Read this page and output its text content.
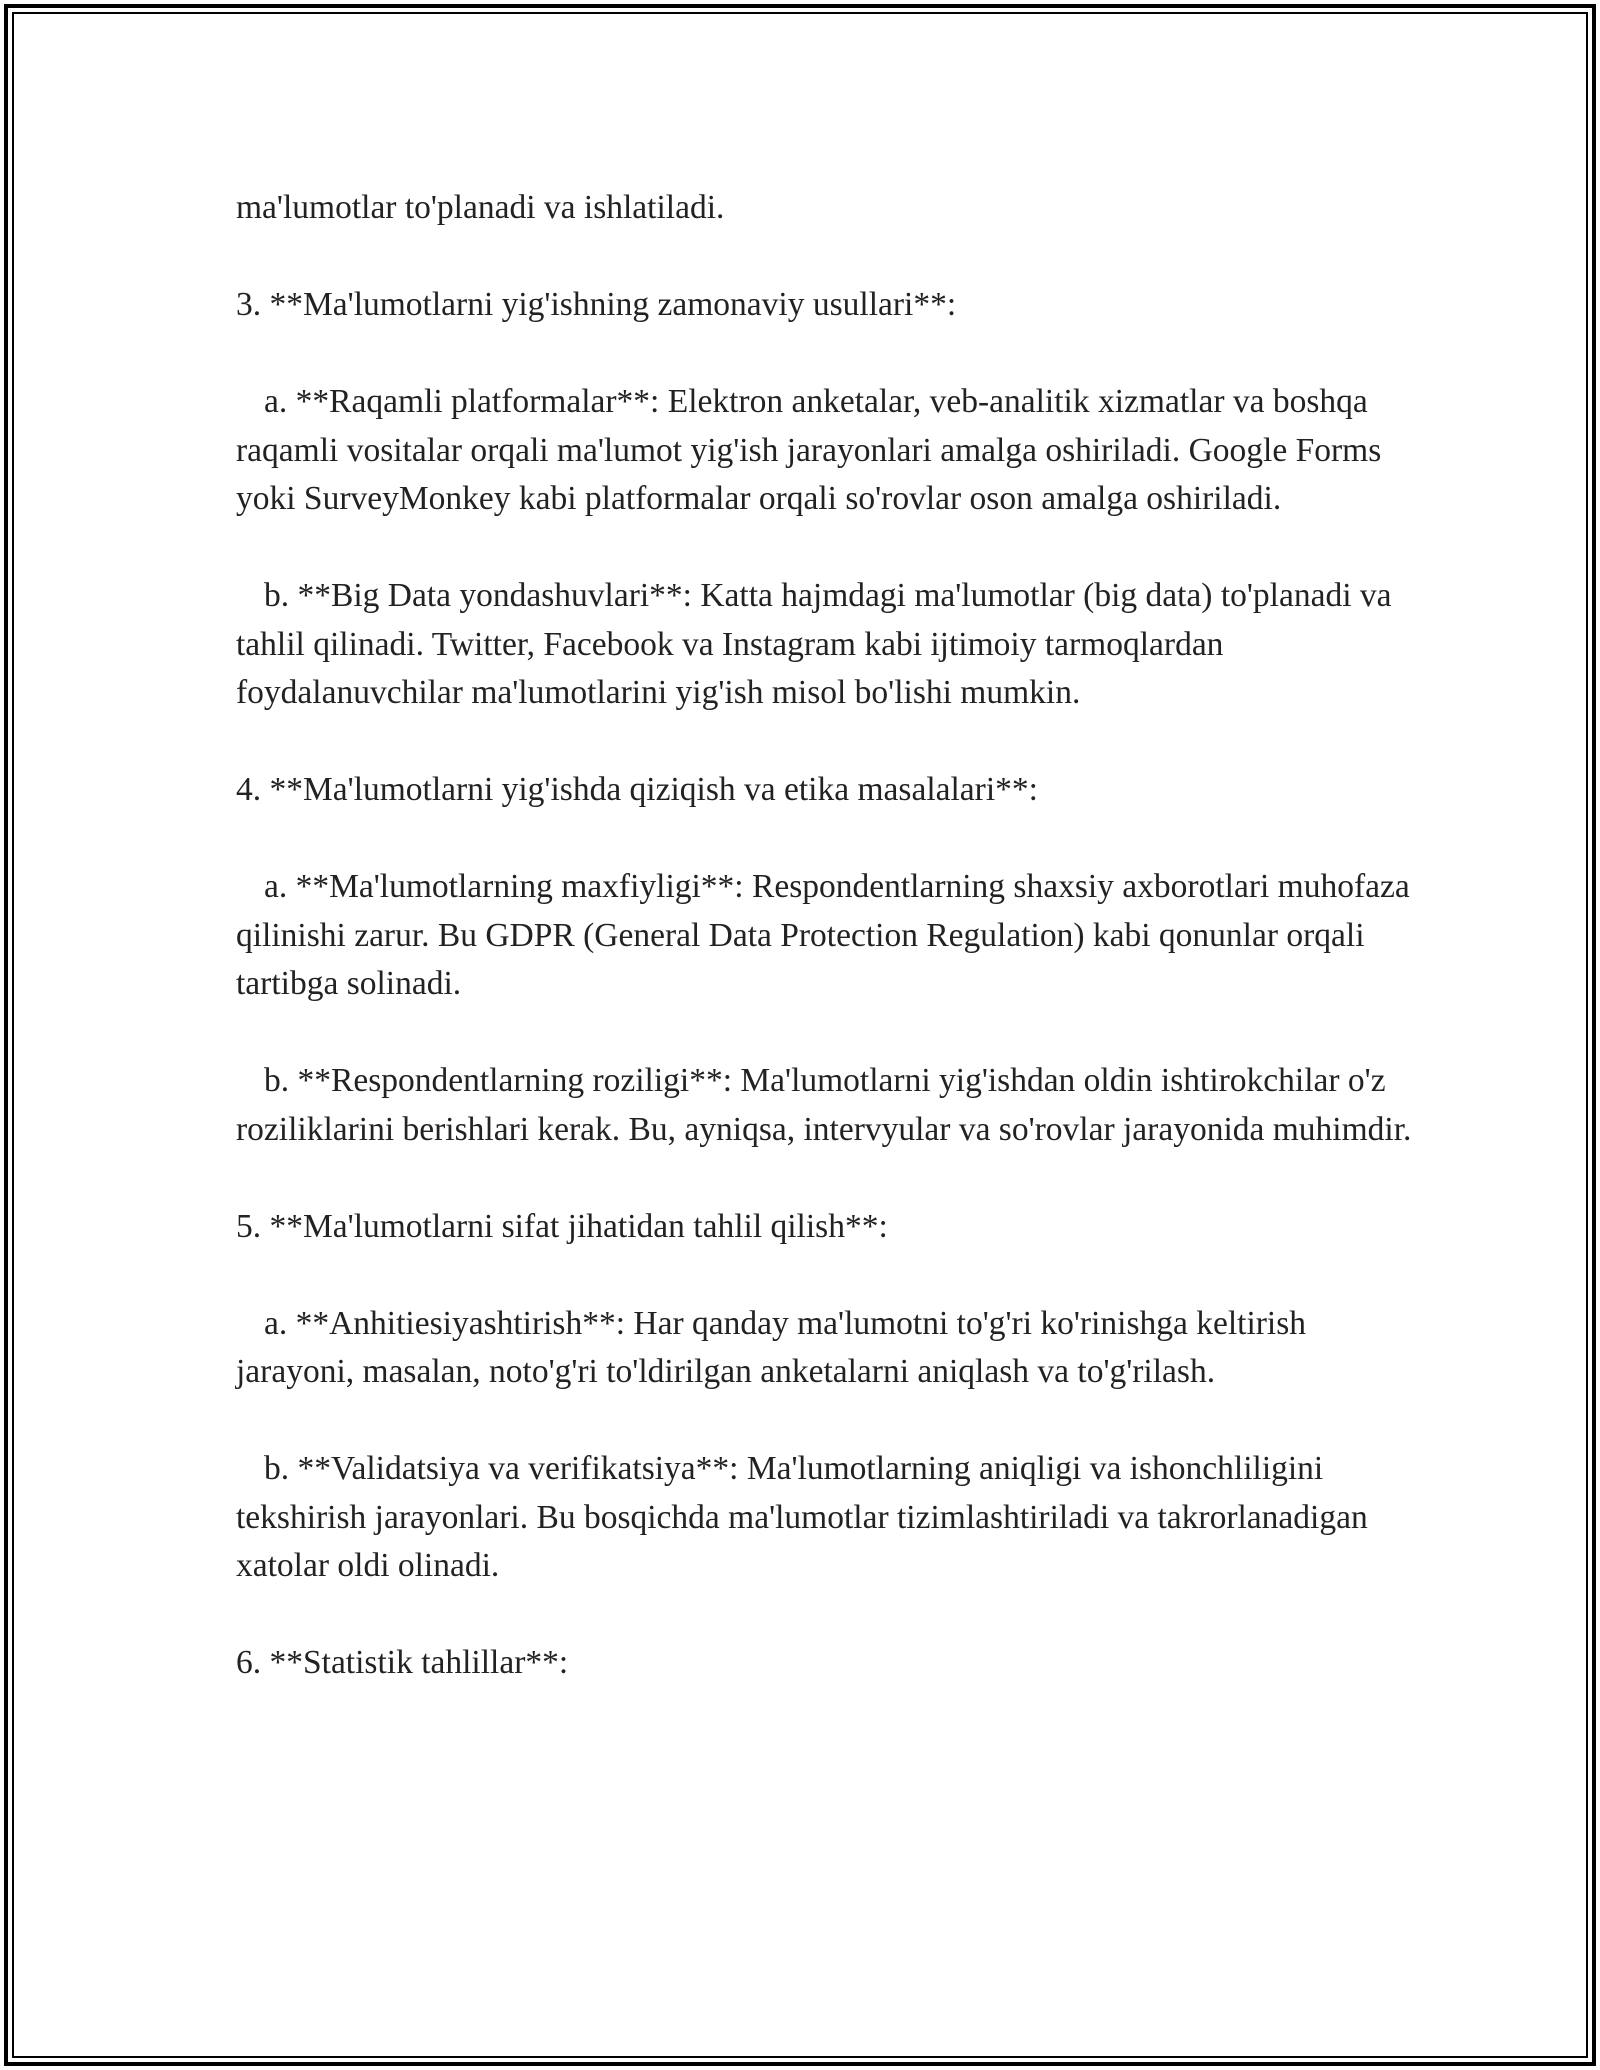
ma'lumotlar to'planadi va ishlatiladi.

3. **Ma'lumotlarni yig'ishning zamonaviy usullari**:

a. **Raqamli platformalar**: Elektron anketalar, veb-analitik xizmatlar va boshqa raqamli vositalar orqali ma'lumot yig'ish jarayonlari amalga oshiriladi. Google Forms yoki SurveyMonkey kabi platformalar orqali so'rovlar oson amalga oshiriladi.

b. **Big Data yondashuvlari**: Katta hajmdagi ma'lumotlar (big data) to'planadi va tahlil qilinadi. Twitter, Facebook va Instagram kabi ijtimoiy tarmoqlardan foydalanuvchilar ma'lumotlarini yig'ish misol bo'lishi mumkin.

4. **Ma'lumotlarni yig'ishda qiziqish va etika masalalari**:

a. **Ma'lumotlarning maxfiyligi**: Respondentlarning shaxsiy axborotlari muhofaza qilinishi zarur. Bu GDPR (General Data Protection Regulation) kabi qonunlar orqali tartibga solinadi.

b. **Respondentlarning roziligi**: Ma'lumotlarni yig'ishdan oldin ishtirokchilar o'z roziliklarini berishlari kerak. Bu, ayniqsa, intervyular va so'rovlar jarayonida muhimdir.

5. **Ma'lumotlarni sifat jihatidan tahlil qilish**:

a. **Anhitiesiyashtirish**: Har qanday ma'lumotni to'g'ri ko'rinishga keltirish jarayoni, masalan, noto'g'ri to'ldirilgan anketalarni aniqlash va to'g'rilash.

b. **Validatsiya va verifikatsiya**: Ma'lumotlarning aniqligi va ishonchliligini tekshirish jarayonlari. Bu bosqichda ma'lumotlar tizimlashtiriladi va takrorlanadigan xatolar oldi olinadi.

6. **Statistik tahlillar**:
